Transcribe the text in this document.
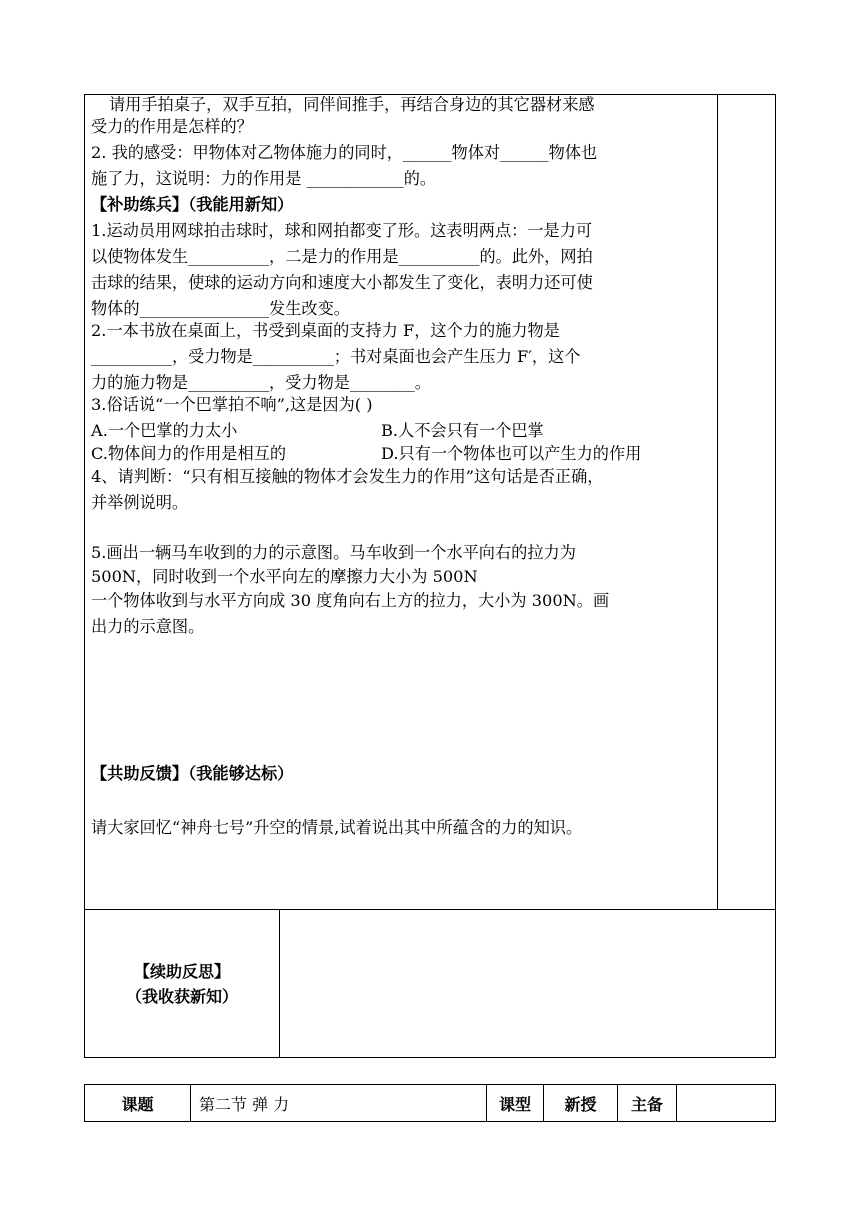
请用手拍桌子，双手互拍，同伴间推手，再结合身边的其它器材来感
受力的作用是怎样的？
2. 我的感受：甲物体对乙物体施力的同时，______物体对______物体也
施了力，这说明：力的作用是 ____________的。
【补助练兵】（我能用新知）
1.运动员用网球拍击球时，球和网拍都变了形。这表明两点：一是力可
以使物体发生__________，二是力的作用是__________的。此外，网拍
击球的结果，使球的运动方向和速度大小都发生了变化，表明力还可使
物体的________________发生改变。
2.一本书放在桌面上，书受到桌面的支持力 F，这个力的施力物是
__________，受力物是__________；书对桌面也会产生压力 F′，这个
力的施力物是__________，受力物是________。
3.俗话说“一个巴掌拍不响”,这是因为( )
A.一个巴掌的力太小	B.人不会只有一个巴掌
C.物体间力的作用是相互的	D.只有一个物体也可以产生力的作用
4、请判断：“只有相互接触的物体才会发生力的作用”这句话是否正确，
并举例说明。
5.画出一辆马车收到的力的示意图。马车收到一个水平向右的拉力为
500N，同时收到一个水平向左的摩擦力大小为 500N
一个物体收到与水平方向成 30 度角向右上方的拉力，大小为 300N。画
出力的示意图。
【共助反馈】（我能够达标）
请大家回忆“神舟七号”升空的情景,试着说出其中所蕴含的力的知识。
【续助反思】
（我收获新知）
课题	第二节 弹 力	课型	新授	主备
